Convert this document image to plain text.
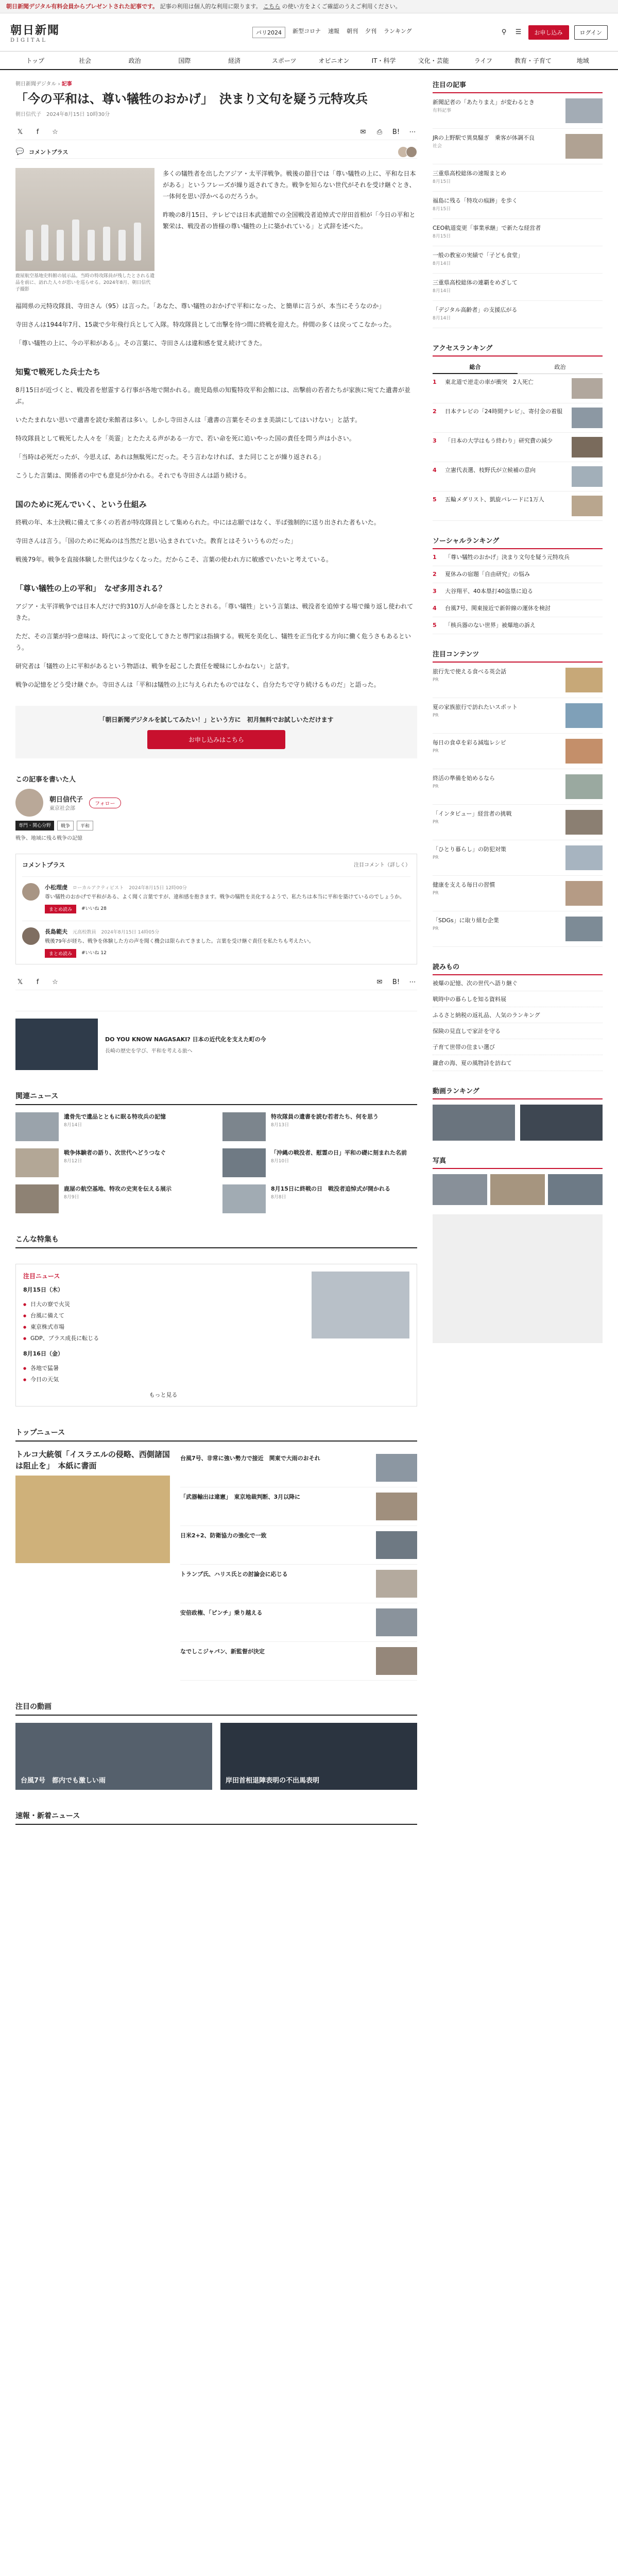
朝日新聞デジタル有料会員からプレゼントされた記事です。 記事の利用は個人的な利用に限ります。 こちら の使い方をよくご確認のうえご利用ください。
朝日新聞
DIGITAL
パリ2024	新型コロナ 速報 朝刊 夕刊 ランキング	⚲	☰	お申し込み	ログイン
トップ	社会	政治	国際	経済	スポーツ	オピニオン	IT・科学	文化・芸能	ライフ	教育・子育て	地域
朝日新聞デジタル › 記事
「今の平和は、尊い犠牲のおかげ」　決まり文句を疑う元特攻兵
朝日信代子　2024年8月15日 10時30分
𝕏	f	☆	✉ ⎙ B! ⋯
💬 コメントプラス
鹿屋航空基地史料館の展示品。当時の特攻隊員が残したとされる遺品を前に、訪れた人々が思いを巡らせる。2024年8月、朝日信代子撮影

多くの犠牲者を出したアジア・太平洋戦争。戦後の節目では「尊い犠牲の上に、平和な日本がある」というフレーズが繰り返されてきた。戦争を知らない世代がそれを受け継ぐとき、一体何を思い浮かべるのだろうか。

昨晩の8月15日、テレビでは日本武道館での全国戦没者追悼式で岸田首相が「今日の平和と繁栄は、戦没者の皆様の尊い犠牲の上に築かれている」と式辞を述べた。

福岡県の元特攻隊員、寺田さん（95）は言った。「あなた、尊い犠牲のおかげで平和になった、と簡単に言うが、本当にそうなのか」

寺田さんは1944年7月、15歳で少年飛行兵として入隊。特攻隊員として出撃を待つ間に終戦を迎えた。仲間の多くは戻ってこなかった。

「尊い犠牲の上に、今の平和がある」。その言葉に、寺田さんは違和感を覚え続けてきた。

知覧で戦死した兵士たち

8月15日が近づくと、戦没者を慰霊する行事が各地で開かれる。鹿児島県の知覧特攻平和会館には、出撃前の若者たちが家族に宛てた遺書が並ぶ。

いたたまれない思いで遺書を読む来館者は多い。しかし寺田さんは「遺書の言葉をそのまま美談にしてはいけない」と話す。

特攻隊員として戦死した人々を「英霊」とたたえる声がある一方で、若い命を死に追いやった国の責任を問う声は小さい。

「当時は必死だったが、今思えば、あれは無駄死にだった。そう言わなければ、また同じことが繰り返される」

こうした言葉は、関係者の中でも意見が分かれる。それでも寺田さんは語り続ける。

国のために死んでいく、という仕組み

終戦の年、本土決戦に備えて多くの若者が特攻隊員として集められた。中には志願ではなく、半ば強制的に送り出された者もいた。

寺田さんは言う。「国のために死ぬのは当然だと思い込まされていた。教育とはそういうものだった」

戦後79年。戦争を直接体験した世代は少なくなった。だからこそ、言葉の使われ方に敏感でいたいと考えている。

「尊い犠牲の上の平和」　なぜ多用される？

アジア・太平洋戦争では日本人だけで約310万人が命を落としたとされる。「尊い犠牲」という言葉は、戦没者を追悼する場で繰り返し使われてきた。

ただ、その言葉が持つ意味は、時代によって変化してきたと専門家は指摘する。戦死を美化し、犠牲を正当化する方向に働く危うさもあるという。

研究者は「犠牲の上に平和があるという物語は、戦争を起こした責任を曖昧にしかねない」と話す。

戦争の記憶をどう受け継ぐか。寺田さんは「平和は犠牲の上に与えられたものではなく、自分たちで守り続けるものだ」と語った。

「朝日新聞デジタルを試してみたい！」という方に　初月無料でお試しいただけます
お申し込みはこちら
この記事を書いた人
朝日信代子
東京社会部
フォロー
専門・関心分野	戦争	平和
戦争、地域に残る戦争の記憶
コメントプラス	注目コメント（詳しく）
小松理虔 ローカルアクティビスト 2024年8月15日 12時00分
尊い犠牲のおかげで平和がある、よく聞く言葉ですが、違和感を抱きます。戦争の犠牲を美化するようで、私たちは本当に平和を築けているのでしょうか。
まとめ読み	#いいね 28
長島範夫 元高校教員 2024年8月15日 14時05分
戦後79年が経ち、戦争を体験した方の声を聞く機会は限られてきました。言葉を受け継ぐ責任を私たちも考えたい。
まとめ読み	#いいね 12
𝕏	f	☆	✉ B! ⋯
DO YOU KNOW NAGASAKI? 日本の近代化を支えた町の今
長崎の歴史を学び、平和を考える旅へ
関連ニュース
遺骨先で遺品とともに眠る特攻兵の記憶
8月14日
特攻隊員の遺書を読む若者たち、何を思う
8月13日
戦争体験者の語り、次世代へどうつなぐ
8月12日
「沖縄の戦没者、慰霊の日」平和の礎に刻まれた名前
8月10日
鹿屋の航空基地、特攻の史実を伝える展示
8月9日
8月15日に終戦の日　戦没者追悼式が開かれる
8月8日
こんな特集も
注目ニュース
8月15日（木）
● 日大の寮で火災
● 台風に備えて
● 東京株式市場
● GDP、プラス成長に転じる
8月16日（金）
● 各地で猛暑
● 今日の天気
もっと見る
トップニュース
トルコ大統領「イスラエルの侵略、西側諸国は阻止を」　本紙に書面
台風7号、非常に強い勢力で接近　関東で大雨のおそれ
「武器輸出は違憲」　東京地裁判断、3月以降に
日米2+2、防衛協力の強化で一致
トランプ氏、ハリス氏との討論会に応じる
安倍政権、「ピンチ」乗り越える
なでしこジャパン、新監督が決定
注目の動画
台風7号　都内でも激しい雨	岸田首相退陣表明の不出馬表明
速報・新着ニュース
注目の記事
新聞記者の「あたりまえ」が変わるとき
有料記事
JRの上野駅で異臭騒ぎ　乗客が体調不良
社会
三重県高校総体の速報まとめ
8月15日
福島に残る「特攻の痕跡」を歩く
8月15日
CEO軌道変更「事業承継」で新たな経営者
8月15日
一般の教室の実績で「子ども食堂」
8月14日
三重県高校総体の連覇をめざして
8月14日
「デジタル高齢者」の支援広がる
8月14日
アクセスランキング
総合	政治
1	東北道で逆走の車が衝突　2人死亡
2	日本テレビの「24時間テレビ」、寄付金の着服
3	「日本の大学はもう終わり」研究費の減少
4	立憲代表選、枝野氏が立候補の意向
5	五輪メダリスト、凱旋パレードに1万人
ソーシャルランキング
1	「尊い犠牲のおかげ」決まり文句を疑う元特攻兵
2	夏休みの宿題「自由研究」の悩み
3	大谷翔平、40本塁打40盗塁に迫る
4	台風7号、関東接近で新幹線の運休を検討
5	「核兵器のない世界」被爆地の訴え
注目コンテンツ
旅行先で使える食べる英会話
PR
夏の家族旅行で訪れたいスポット
PR
毎日の食卓を彩る減塩レシピ
PR
終活の準備を始めるなら
PR
「インタビュー」経営者の挑戦
PR
「ひとり暮らし」の防犯対策
PR
健康を支える毎日の習慣
PR
「SDGs」に取り組む企業
PR
読みもの
被爆の記憶、次の世代へ語り継ぐ
戦時中の暮らしを知る資料展
ふるさと納税の返礼品、人気のランキング
保険の見直しで家計を守る
子育て世帯の住まい選び
鎌倉の海、夏の風物詩を訪ねて
動画ランキング
写真
